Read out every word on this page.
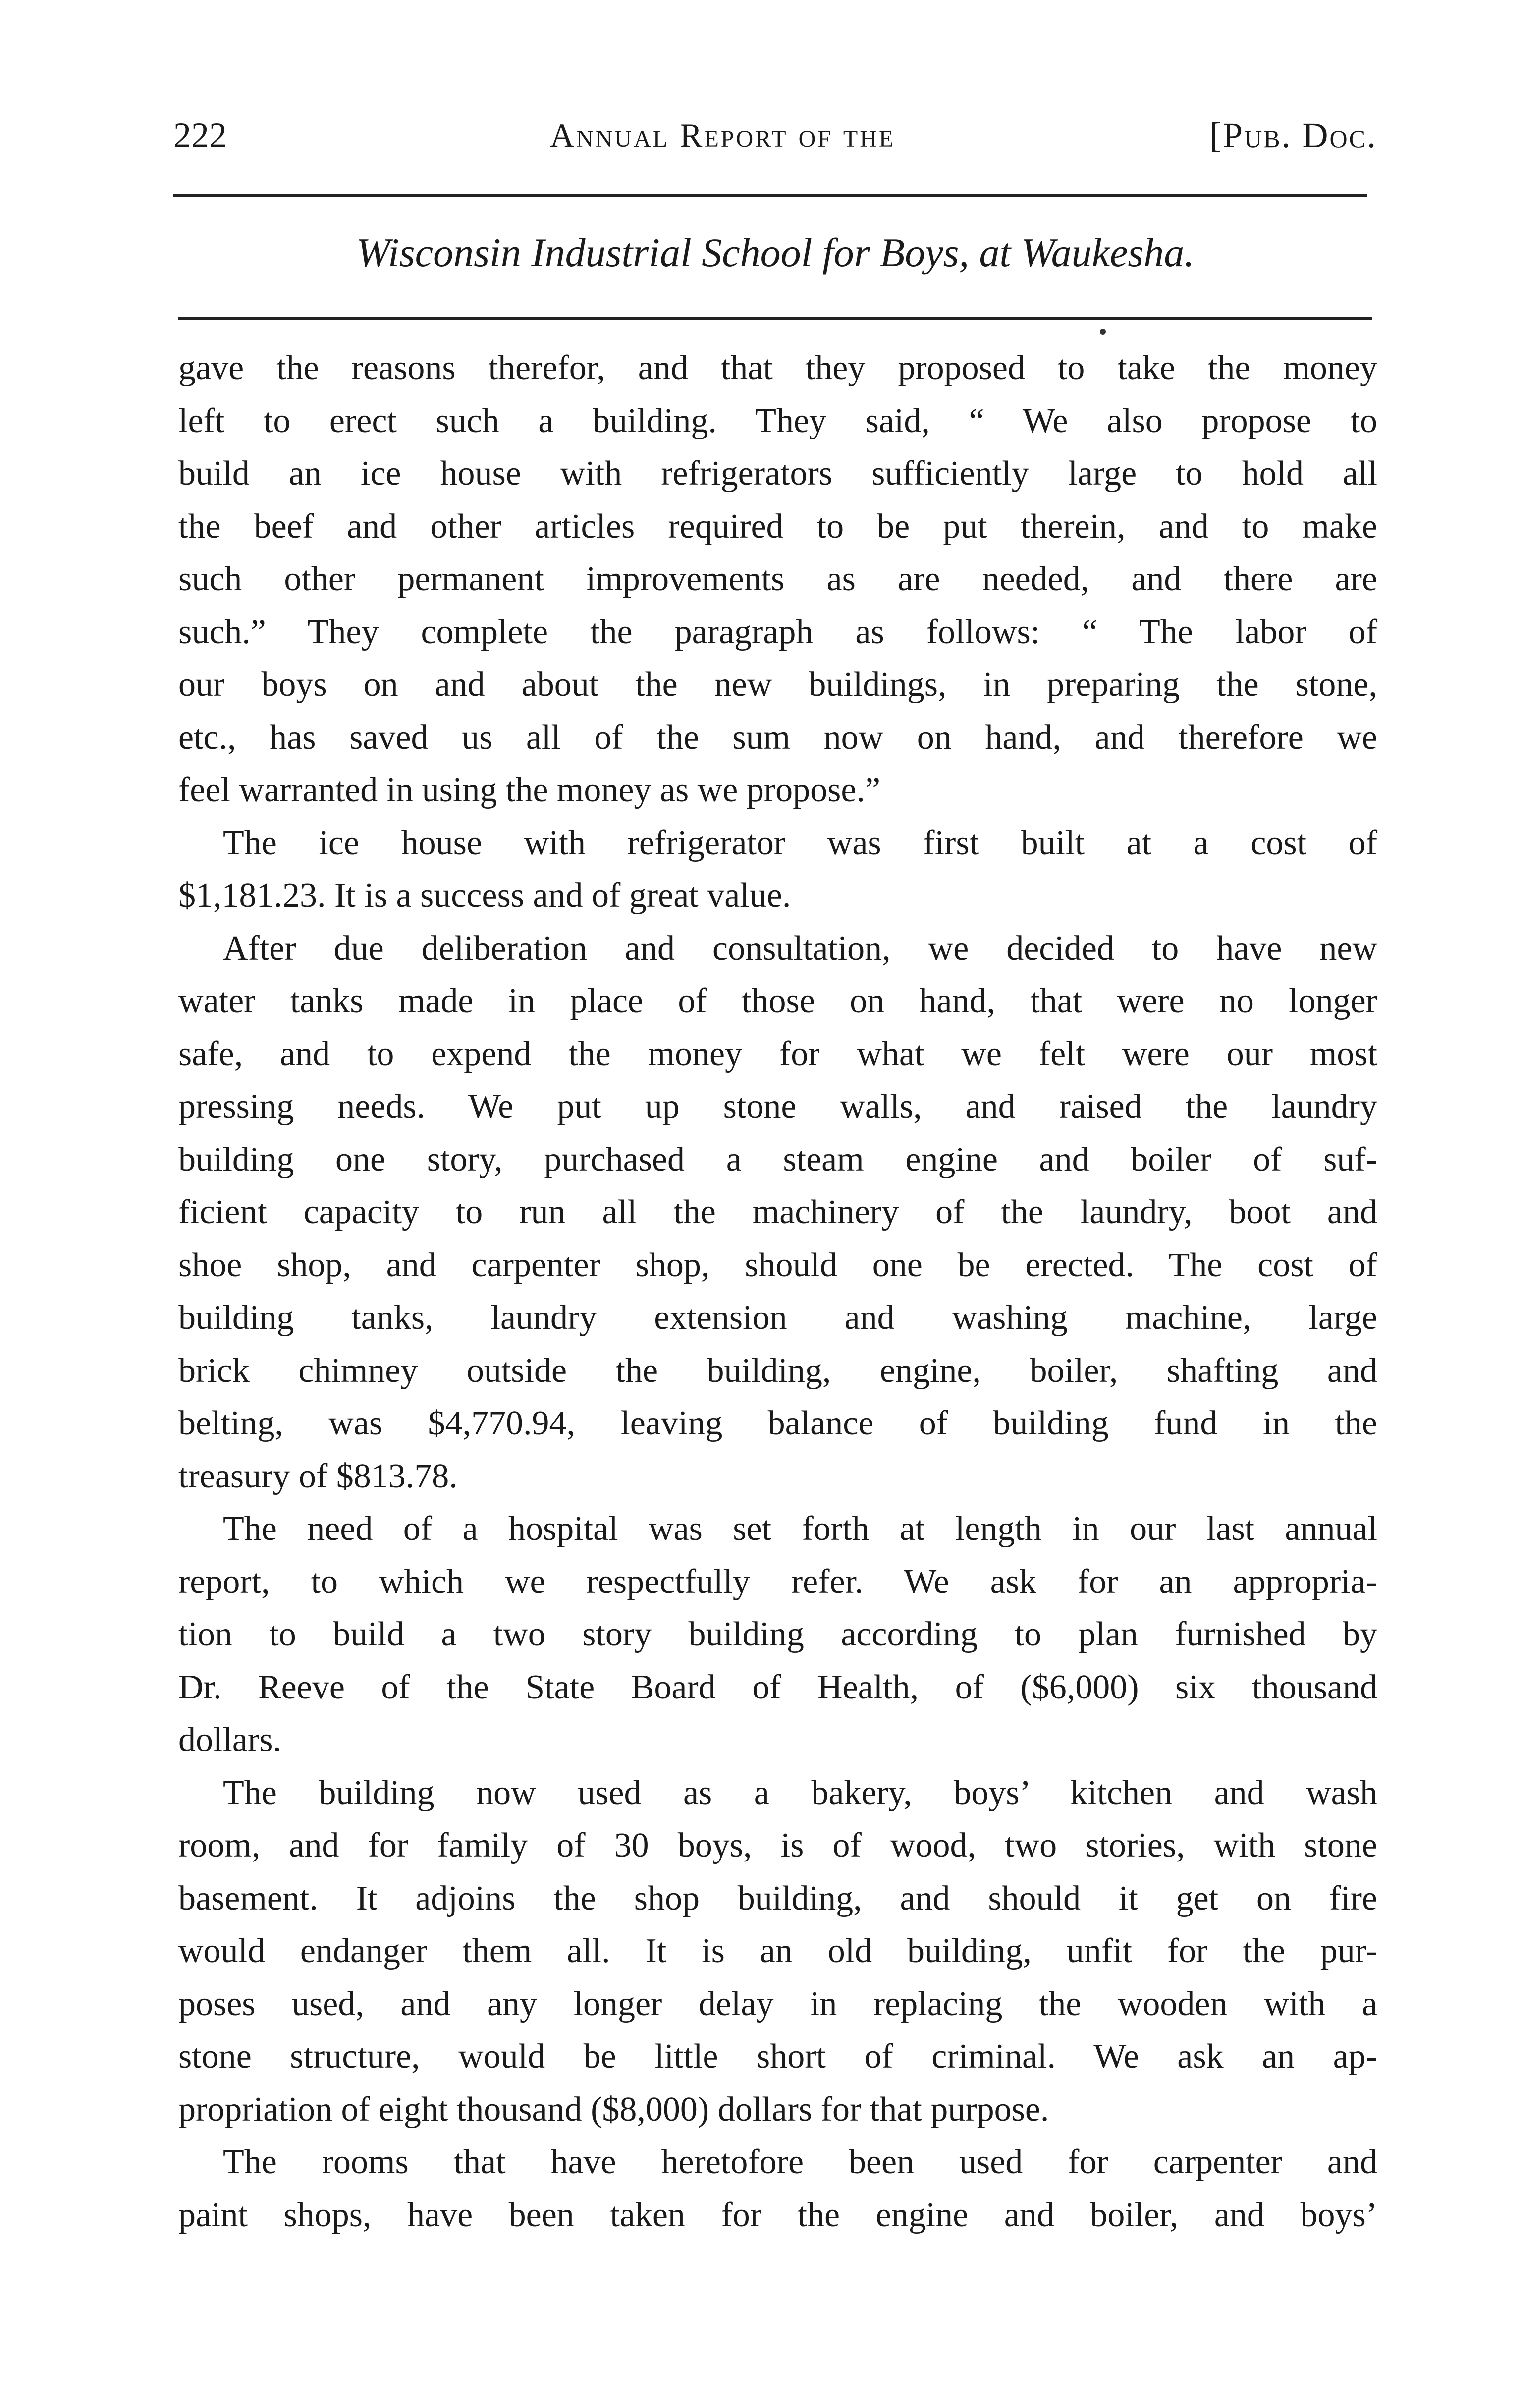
222	Annual Report of the	[Pub. Doc.
Wisconsin Industrial School for Boys, at Waukesha.
gave the reasons therefor, and that they proposed to take the money
left to erect such a building. They said, “ We also propose to
build an ice house with refrigerators sufficiently large to hold all
the beef and other articles required to be put therein, and to make
such other permanent improvements as are needed, and there are
such.” They complete the paragraph as follows: “ The labor of
our boys on and about the new buildings, in preparing the stone,
etc., has saved us all of the sum now on hand, and therefore we
feel warranted in using the money as we propose.”
The ice house with refrigerator was first built at a cost of
$1,181.23. It is a success and of great value.
After due deliberation and consultation, we decided to have new
water tanks made in place of those on hand, that were no longer
safe, and to expend the money for what we felt were our most
pressing needs. We put up stone walls, and raised the laundry
building one story, purchased a steam engine and boiler of suf-
ficient capacity to run all the machinery of the laundry, boot and
shoe shop, and carpenter shop, should one be erected. The cost of
building tanks, laundry extension and washing machine, large
brick chimney outside the building, engine, boiler, shafting and
belting, was $4,770.94, leaving balance of building fund in the
treasury of $813.78.
The need of a hospital was set forth at length in our last annual
report, to which we respectfully refer. We ask for an appropria-
tion to build a two story building according to plan furnished by
Dr. Reeve of the State Board of Health, of ($6,000) six thousand
dollars.
The building now used as a bakery, boys’ kitchen and wash
room, and for family of 30 boys, is of wood, two stories, with stone
basement. It adjoins the shop building, and should it get on fire
would endanger them all. It is an old building, unfit for the pur-
poses used, and any longer delay in replacing the wooden with a
stone structure, would be little short of criminal. We ask an ap-
propriation of eight thousand ($8,000) dollars for that purpose.
The rooms that have heretofore been used for carpenter and
paint shops, have been taken for the engine and boiler, and boys’
